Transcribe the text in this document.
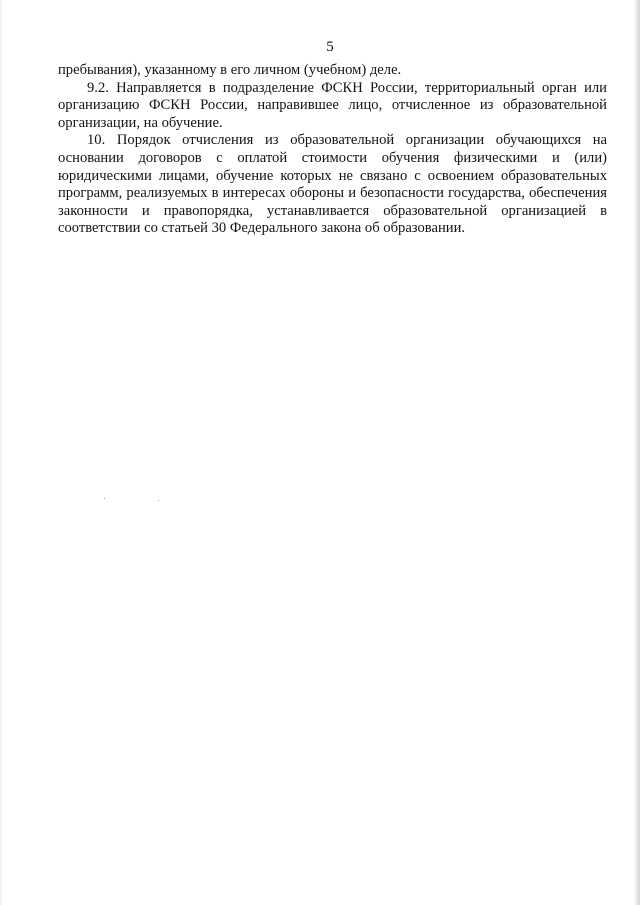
5

пребывания), указанному в его личном (учебном) деле.

9.2. Направляется в подразделение ФСКН России, территориальный орган или организацию ФСКН России, направившее лицо, отчисленное из образовательной организации, на обучение.

10. Порядок отчисления из образовательной организации обучающихся на основании договоров с оплатой стоимости обучения физическими и (или) юридическими лицами, обучение которых не связано с освоением образовательных программ, реализуемых в интересах обороны и безопасности государства, обеспечения законности и правопорядка, устанавливается образовательной организацией в соответствии со статьей 30 Федерального закона об образовании.
